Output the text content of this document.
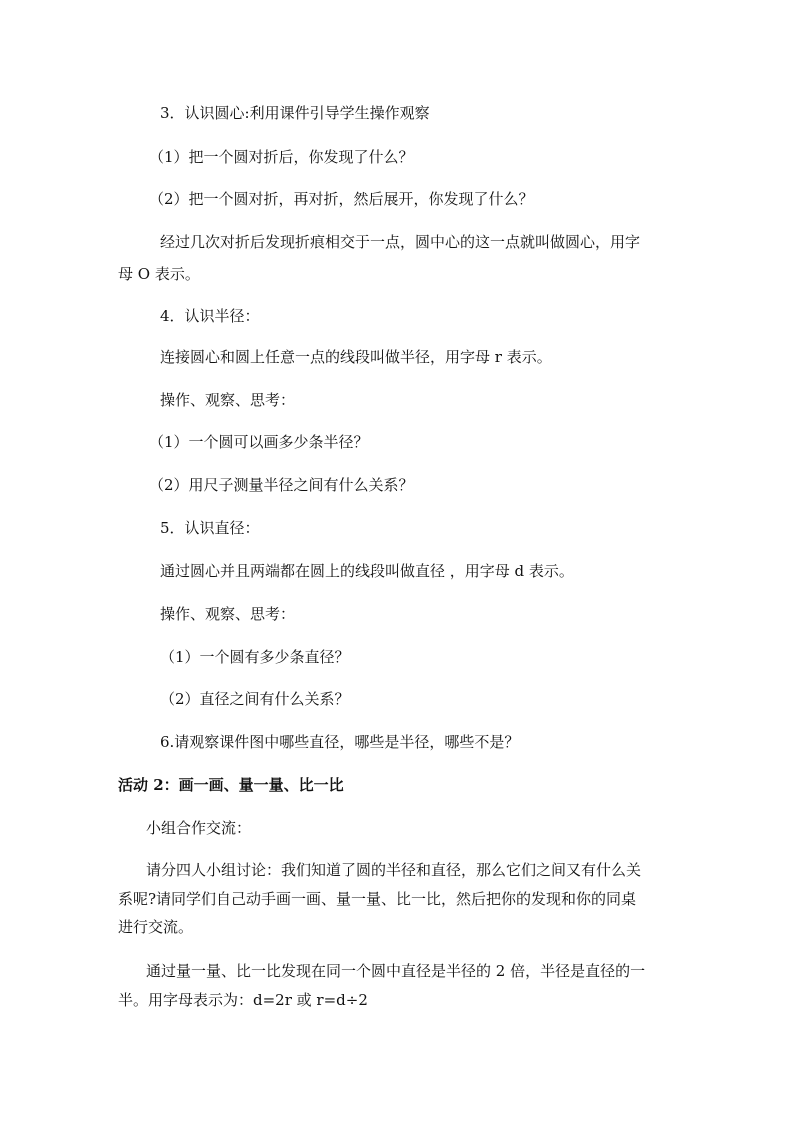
3．认识圆心:利用课件引导学生操作观察
（1）把一个圆对折后，你发现了什么？
（2）把一个圆对折，再对折，然后展开，你发现了什么？
经过几次对折后发现折痕相交于一点，圆中心的这一点就叫做圆心，用字
母 O 表示。
4．认识半径：
连接圆心和圆上任意一点的线段叫做半径，用字母 r 表示。
操作、观察、思考：
（1）一个圆可以画多少条半径？
（2）用尺子测量半径之间有什么关系？
5．认识直径：
通过圆心并且两端都在圆上的线段叫做直径 ，用字母 d 表示。
操作、观察、思考：
（1）一个圆有多少条直径？
（2）直径之间有什么关系？
6.请观察课件图中哪些直径，哪些是半径，哪些不是？
活动 2：画一画、量一量、比一比
小组合作交流：
请分四人小组讨论：我们知道了圆的半径和直径，那么它们之间又有什么关
系呢?请同学们自己动手画一画、量一量、比一比，然后把你的发现和你的同桌
进行交流。
通过量一量、比一比发现在同一个圆中直径是半径的 2 倍，半径是直径的一
半。用字母表示为：d=2r 或 r=d÷2
